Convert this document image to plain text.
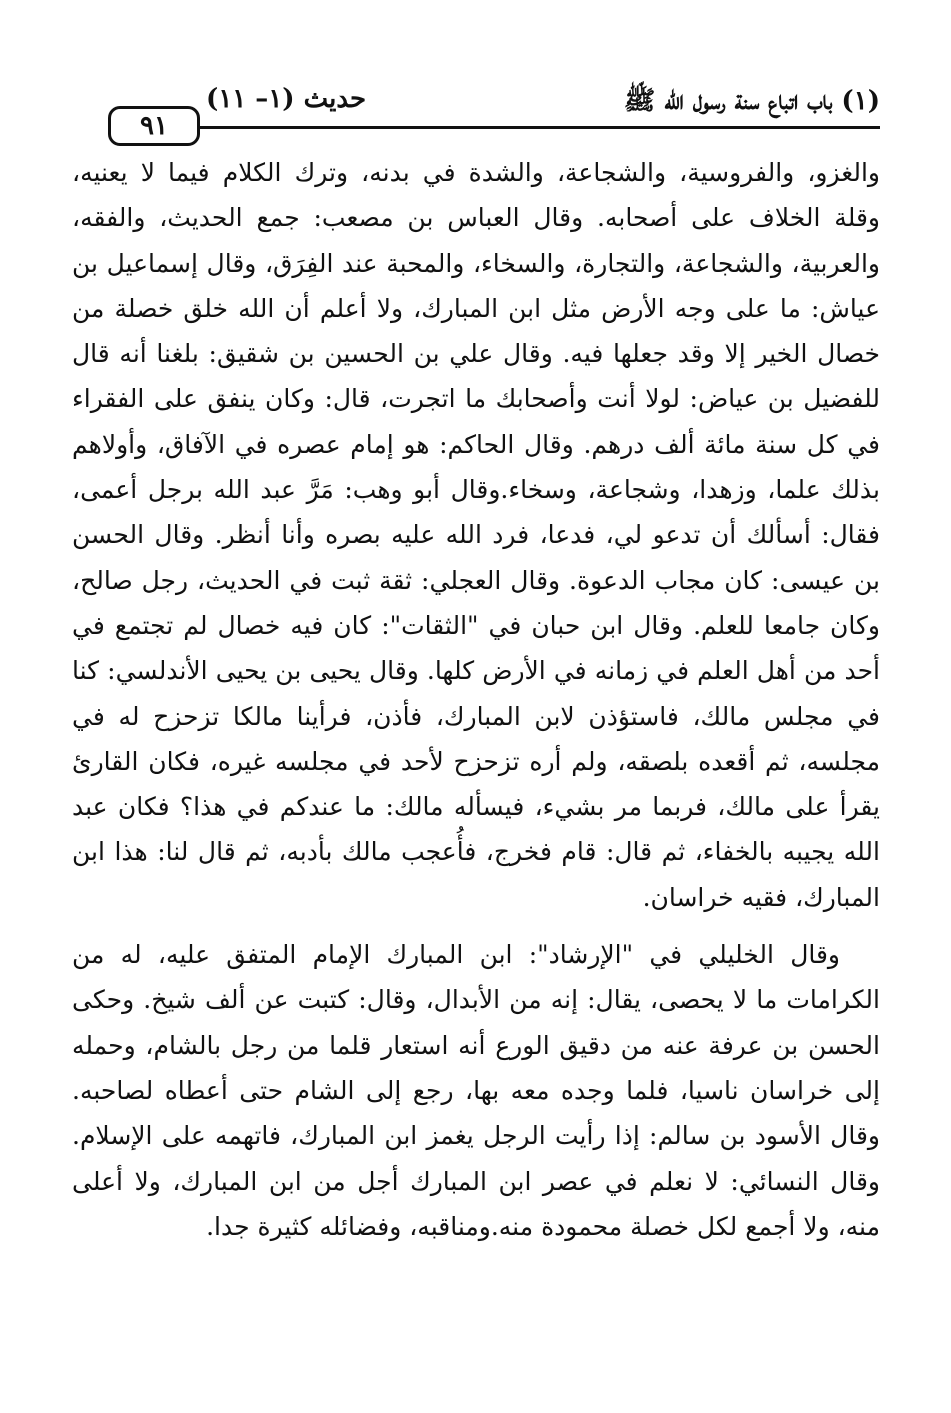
(١) باب اتباع سنة رسول الله ﷺ
حديث (١– ١١)
٩١

والغزو، والفروسية، والشجاعة، والشدة في بدنه، وترك الكلام فيما لا يعنيه، وقلة الخلاف على أصحابه. وقال العباس بن مصعب: جمع الحديث، والفقه، والعربية، والشجاعة، والتجارة، والسخاء، والمحبة عند الفِرَق، وقال إسماعيل بن عياش: ما على وجه الأرض مثل ابن المبارك، ولا أعلم أن الله خلق خصلة من خصال الخير إلا وقد جعلها فيه. وقال علي بن الحسين بن شقيق: بلغنا أنه قال للفضيل بن عياض: لولا أنت وأصحابك ما اتجرت، قال: وكان ينفق على الفقراء في كل سنة مائة ألف درهم. وقال الحاكم: هو إمام عصره في الآفاق، وأولاهم بذلك علما، وزهدا، وشجاعة، وسخاء.وقال أبو وهب: مَرَّ عبد الله برجل أعمى، فقال: أسألك أن تدعو لي، فدعا، فرد الله عليه بصره وأنا أنظر. وقال الحسن بن عيسى: كان مجاب الدعوة. وقال العجلي: ثقة ثبت في الحديث، رجل صالح، وكان جامعا للعلم. وقال ابن حبان في "الثقات": كان فيه خصال لم تجتمع في أحد من أهل العلم في زمانه في الأرض كلها. وقال يحيى بن يحيى الأندلسي: كنا في مجلس مالك، فاستؤذن لابن المبارك، فأذن، فرأينا مالكا تزحزح له في مجلسه، ثم أقعده بلصقه، ولم أره تزحزح لأحد في مجلسه غيره، فكان القارئ يقرأ على مالك، فربما مر بشيء، فيسأله مالك: ما عندكم في هذا؟ فكان عبد الله يجيبه بالخفاء، ثم قال: قام فخرج، فأُعجب مالك بأدبه، ثم قال لنا: هذا ابن المبارك، فقيه خراسان.

وقال الخليلي في "الإرشاد": ابن المبارك الإمام المتفق عليه، له من الكرامات ما لا يحصى، يقال: إنه من الأبدال، وقال: كتبت عن ألف شيخ. وحكى الحسن بن عرفة عنه من دقيق الورع أنه استعار قلما من رجل بالشام، وحمله إلى خراسان ناسيا، فلما وجده معه بها، رجع إلى الشام حتى أعطاه لصاحبه. وقال الأسود بن سالم: إذا رأيت الرجل يغمز ابن المبارك، فاتهمه على الإسلام. وقال النسائي: لا نعلم في عصر ابن المبارك أجل من ابن المبارك، ولا أعلى منه، ولا أجمع لكل خصلة محمودة منه.ومناقبه، وفضائله كثيرة جدا.
